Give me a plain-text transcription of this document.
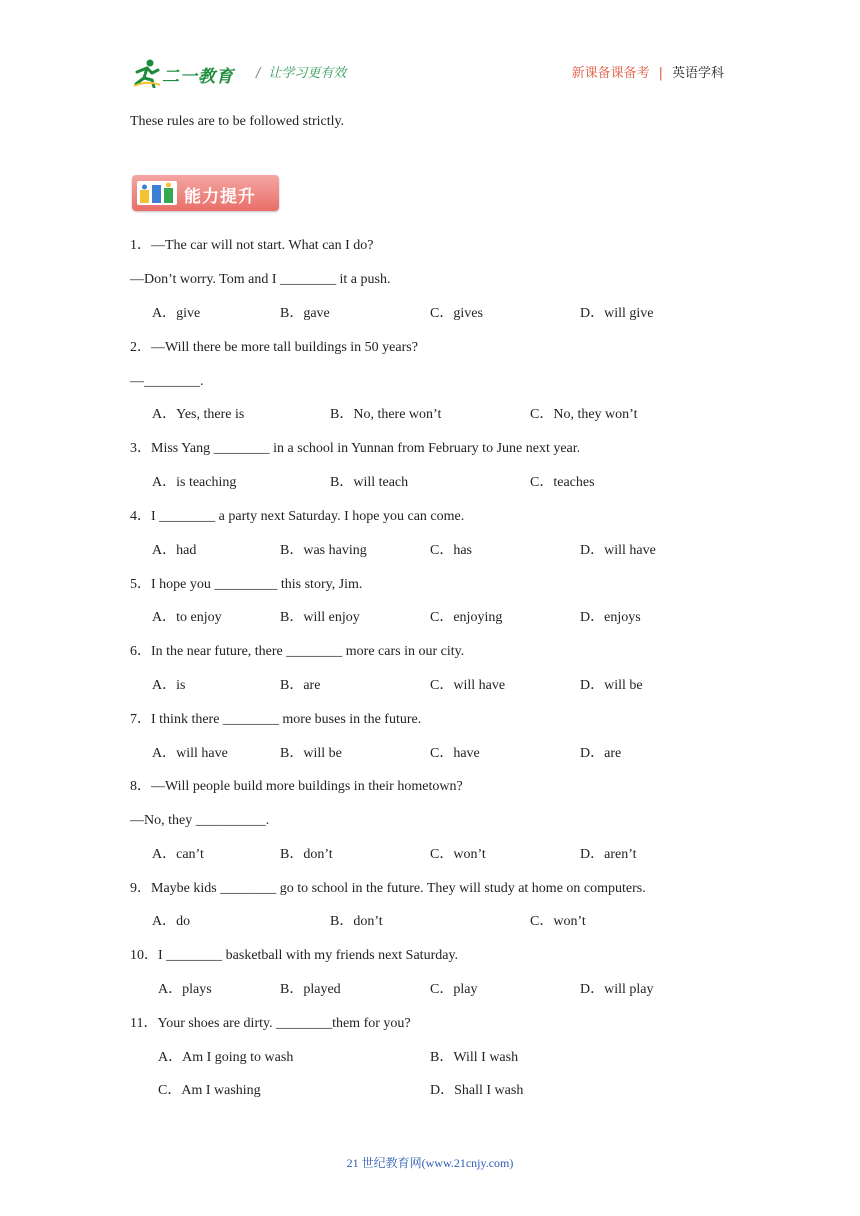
二一教育 / 让学习更有效	新课备课备考 | 英语学科
These rules are to be followed strictly.
能力提升
1．—The car will not start. What can I do?
—Don’t worry. Tom and I ________ it a push.
A．give	B．gave	C．gives	D．will give
2．—Will there be more tall buildings in 50 years?
—________.
A．Yes, there is	B．No, there won’t	C．No, they won’t
3．Miss Yang ________ in a school in Yunnan from February to June next year.
A．is teaching	B．will teach	C．teaches
4．I ________ a party next Saturday. I hope you can come.
A．had	B．was having	C．has	D．will have
5．I hope you _________ this story, Jim.
A．to enjoy	B．will enjoy	C．enjoying	D．enjoys
6．In the near future, there ________ more cars in our city.
A．is	B．are	C．will have	D．will be
7．I think there ________ more buses in the future.
A．will have	B．will be	C．have	D．are
8．—Will people build more buildings in their hometown?
—No, they __________.
A．can’t	B．don’t	C．won’t	D．aren’t
9．Maybe kids ________ go to school in the future. They will study at home on computers.
A．do	B．don’t	C．won’t
10．I ________ basketball with my friends next Saturday.
A．plays	B．played	C．play	D．will play
11．Your shoes are dirty. ________them for you?
A．Am I going to wash	B．Will I wash
C．Am I washing	D．Shall I wash
21 世纪教育网(www.21cnjy.com)
